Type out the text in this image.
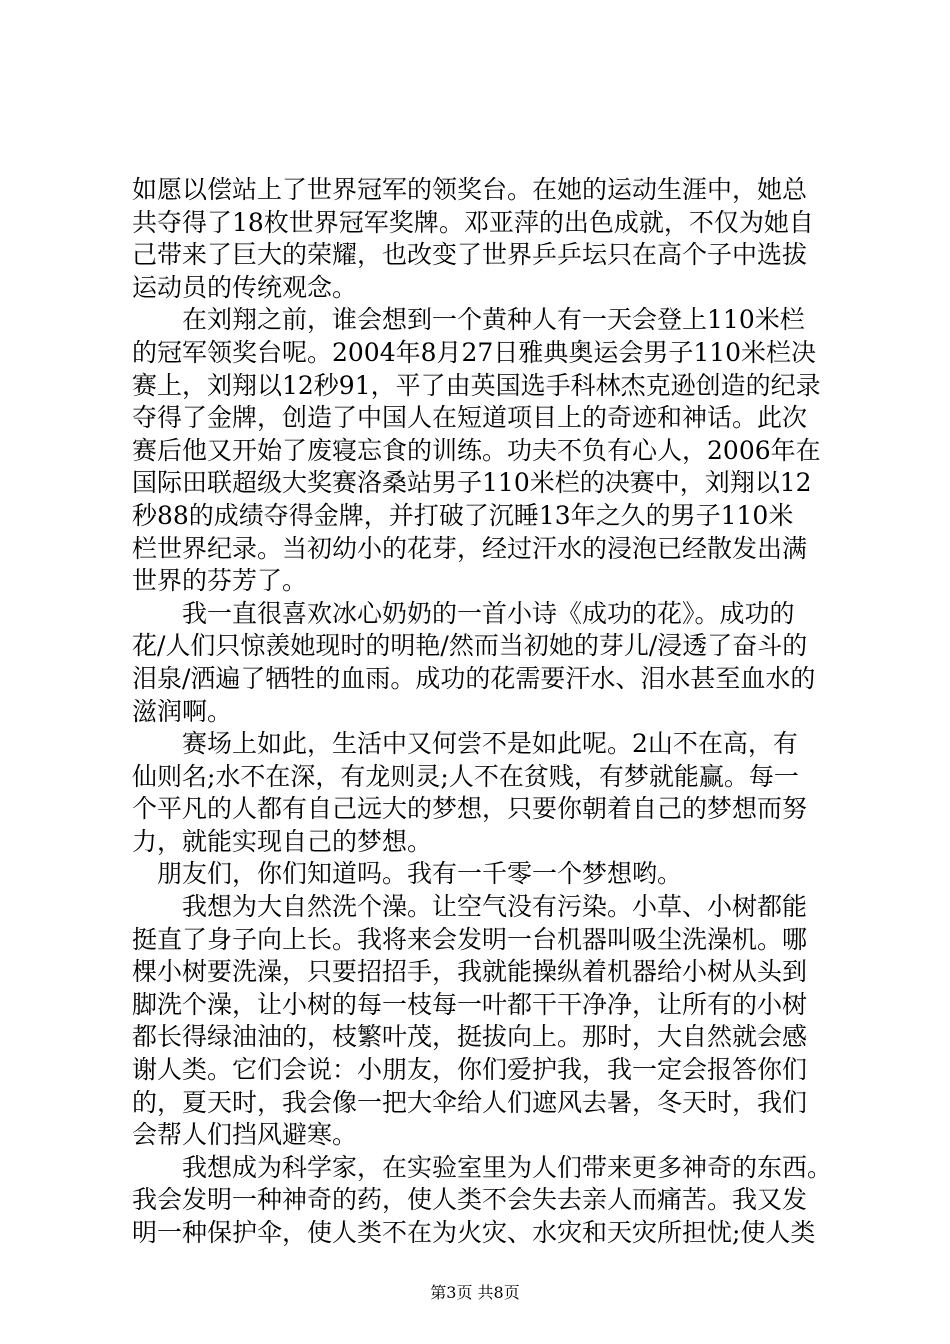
如愿以偿站上了世界冠军的领奖台。在她的运动生涯中，她总
共夺得了18枚世界冠军奖牌。邓亚萍的出色成就，不仅为她自
己带来了巨大的荣耀，也改变了世界乒乒坛只在高个子中选拔
运动员的传统观念。
　　在刘翔之前，谁会想到一个黄种人有一天会登上110米栏
的冠军领奖台呢。2004年8月27日雅典奥运会男子110米栏决
赛上，刘翔以12秒91，平了由英国选手科林杰克逊创造的纪录
夺得了金牌，创造了中国人在短道项目上的奇迹和神话。此次
赛后他又开始了废寝忘食的训练。功夫不负有心人，2006年在
国际田联超级大奖赛洛桑站男子110米栏的决赛中，刘翔以12
秒88的成绩夺得金牌，并打破了沉睡13年之久的男子110米
栏世界纪录。当初幼小的花芽，经过汗水的浸泡已经散发出满
世界的芬芳了。
　　我一直很喜欢冰心奶奶的一首小诗《成功的花》。成功的
花/人们只惊羡她现时的明艳/然而当初她的芽儿/浸透了奋斗的
泪泉/洒遍了牺牲的血雨。成功的花需要汗水、泪水甚至血水的
滋润啊。
　　赛场上如此，生活中又何尝不是如此呢。2山不在高，有
仙则名;水不在深，有龙则灵;人不在贫贱，有梦就能赢。每一
个平凡的人都有自己远大的梦想，只要你朝着自己的梦想而努
力，就能实现自己的梦想。
　朋友们，你们知道吗。我有一千零一个梦想哟。
　　我想为大自然洗个澡。让空气没有污染。小草、小树都能
挺直了身子向上长。我将来会发明一台机器叫吸尘洗澡机。哪
棵小树要洗澡，只要招招手，我就能操纵着机器给小树从头到
脚洗个澡，让小树的每一枝每一叶都干干净净，让所有的小树
都长得绿油油的，枝繁叶茂，挺拔向上。那时，大自然就会感
谢人类。它们会说：小朋友，你们爱护我，我一定会报答你们
的，夏天时，我会像一把大伞给人们遮风去暑，冬天时，我们
会帮人们挡风避寒。
　　我想成为科学家，在实验室里为人们带来更多神奇的东西。
我会发明一种神奇的药，使人类不会失去亲人而痛苦。我又发
明一种保护伞，使人类不在为火灾、水灾和天灾所担忧;使人类
第3页 共8页
